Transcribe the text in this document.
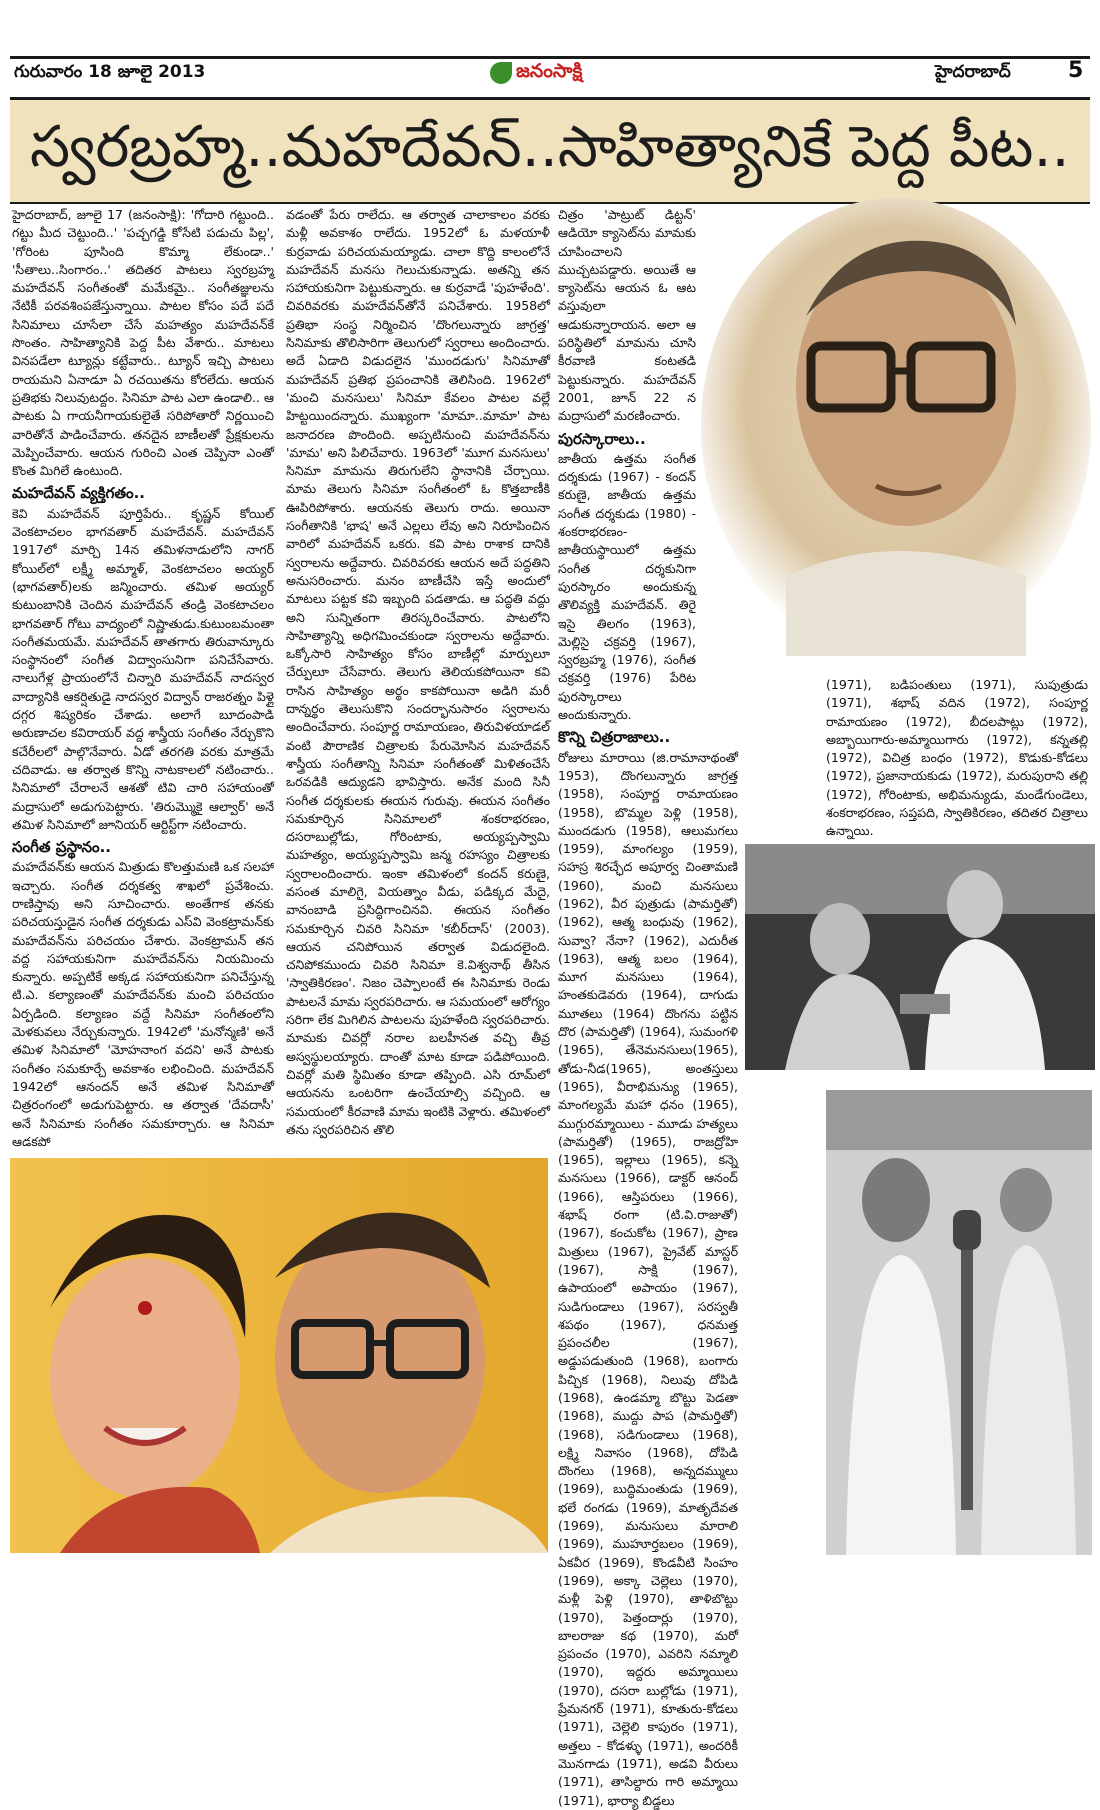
గురువారం 18 జూలై 2013	జనంసాక్షి	హైదరాబాద్	5
స్వరబ్రహ్మ..మహదేవన్..సాహిత్యానికే పెద్ద పీట..

హైదరాబాద్‌, జూలై 17 (జనంసాక్షి): 'గోదారి గట్టుంది.. గట్టు మీద చెట్టుంది..' 'పచ్చగడ్డి కోసేటి పడుచు పిల్ల', 'గోరింట పూసింది కొమ్మా లేకుండా..' 'సీతాలు..సింగారం..' తదితర పాటలు స్వరబ్రహ్మ మహదేవన్‌ సంగీతంతో మమేకమై.. సంగీతజ్ఞులను నేటికీ పరవశింపజేస్తున్నాయి. పాటల కోసం పదే పదే సినిమాలు చూసేలా చేసే మహత్యం మహదేవన్‌కే సొంతం. సాహిత్యానికి పెద్ద పీట వేశారు.. మాటలు వినపడేలా ట్యూన్లు కట్టేవారు.. ట్యూన్‌ ఇచ్చి పాటలు రాయమని ఏనాడూ ఏ రచయితను కోరలేదు. ఆయన ప్రతిభకు నిలువుటద్దం. సినిమా పాట ఎలా ఉండాలి.. ఆ పాటకు ఏ గాయనీగాయకులైతే సరిపోతారో నిర్ణయించి వారితోనే పాడించేవారు. తనదైన బాణీలతో ప్రేక్షకులను మెప్పించేవారు. ఆయన గురించి ఎంత చెప్పినా ఎంతో కొంత మిగిలే ఉంటుంది.

మహదేవన్‌ వ్యక్తిగతం..

కెవి మహదేవన్‌ పూర్తిపేరు.. కృష్ణన్‌ కోయిల్‌ వెంకటాచలం భాగవతార్‌ మహదేవన్‌. మహదేవన్‌ 1917లో మార్చి 14న తమిళనాడులోని నాగర్‌ కోయిల్‌లో లక్ష్మీ అమ్మాళ్‌, వెంకటాచలం అయ్యర్‌ (భాగవతార్‌)లకు జన్మించారు. తమిళ అయ్యర్‌ కుటుంబానికి చెందిన మహదేవన్‌ తండ్రి వెంకటాచలం భాగవతార్‌ గోటు వాద్యంలో నిష్ణాతుడు.కుటుంబమంతా సంగీతమయమే. మహదేవన్‌ తాతగారు తిరువాన్కూరు సంస్థానంలో సంగీత విద్వాంసునిగా పనిచేసేవారు. నాలుగేళ్ల ప్రాయంలోనే చిన్నారి మహదేవన్‌ నాదస్వర వాద్యానికి ఆకర్షితుడై నాదస్వర విద్వాన్‌ రాజరత్నం పిళ్లై దగ్గర శిష్యరికం చేశాడు. అలాగే బూదంపాడి అరుణాచల కవిరాయర్‌ వద్ద శాస్త్రీయ సంగీతం నేర్చుకొని కచేరీలలో పాల్గొనేవారు. ఏడో తరగతి వరకు మాత్రమే చదివాడు. ఆ తర్వాత కొన్ని నాటకాలలో నటించారు.. సినిమాలో చేరాలనే ఆశతో టివి చారి సహాయంతో మద్రాసులో అడుగుపెట్టారు. 'తిరుమ్మొకై ఆల్వార్‌' అనే తమిళ సినిమాలో జూనియర్‌ ఆర్టిస్ట్‌గా నటించారు.

సంగీత ప్రస్థానం..

మహదేవన్‌కు ఆయన మిత్రుడు కొలత్తుమణి ఒక సలహా ఇచ్చారు. సంగీత దర్శకత్వ శాఖలో ప్రవేశించు. రాణిస్తావు అని సూచించారు. అంతేగాక తనకు పరిచయస్తుడైన సంగీత దర్శకుడు ఎస్‌వి వెంకట్రామన్‌కు మహదేవన్‌ను పరిచయం చేశారు. వెంకట్రామన్‌ తన వద్ద సహాయకునిగా మహదేవన్‌ను నియమించు కున్నారు. అప్పటికే అక్కడ సహాయకునిగా పనిచేస్తున్న టి.ఎ. కల్యాణంతో మహదేవన్‌కు మంచి పరిచయం ఏర్పడింది. కల్యాణం వద్దే సినిమా సంగీతంలోని మెళకువలు నేర్చుకున్నారు. 1942లో 'మనోన్మణి' అనే తమిళ సినిమాలో 'మోహనాంగ వదని' అనే పాటకు సంగీతం సమకూర్చే అవకాశం లభించింది. మహదేవన్‌ 1942లో ఆనందన్‌ అనే తమిళ సినిమాతో చిత్రరంగంలో అడుగుపెట్టారు. ఆ తర్వాత 'దేవదాసీ' అనే సినిమాకు సంగీతం సమకూర్చారు. ఆ సినిమా ఆడకపో

వడంతో పేరు రాలేదు. ఆ తర్వాత చాలాకాలం వరకు మళ్లీ అవకాశం రాలేదు. 1952లో ఓ మళయాళీ కుర్రవాడు పరిచయమయ్యాడు. చాలా కొద్ది కాలంలోనే మహదేవన్‌ మనసు గెలుచుకున్నాడు. అతన్ని తన సహాయకునిగా పెట్టుకున్నారు. ఆ కుర్రవాడే 'పుహళేంది'. చివరివరకు మహదేవన్‌తోనే పనిచేశారు. 1958లో ప్రతిభా సంస్థ నిర్మించిన 'దొంగలున్నారు జాగ్రత్త' సినిమాకు తొలిసారిగా తెలుగులో స్వరాలు అందించారు. అదే ఏడాది విడుదలైన 'ముందడుగు' సినిమాతో మహదేవన్‌ ప్రతిభ ప్రపంచానికి తెలిసింది. 1962లో 'మంచి మనసులు' సినిమా కేవలం పాటల వల్లే హిట్టయిందన్నారు. ముఖ్యంగా 'మామా..మామా' పాట జనాదరణ పొందింది. అప్పటినుంచి మహదేవన్‌ను 'మామ' అని పిలిచేవారు. 1963లో 'మూగ మనసులు' సినిమా మామను తిరుగులేని స్థానానికి చేర్చాయి. మామ తెలుగు సినిమా సంగీతంలో ఓ కొత్తబాణీకి ఊపిరిపోశారు. ఆయనకు తెలుగు రాదు. అయినా సంగీతానికి 'భాష' అనే ఎల్లలు లేవు అని నిరూపించిన వారిలో మహదేవన్‌ ఒకరు. కవి పాట రాశాక దానికి స్వరాలను అద్దేవారు. చివరివరకు ఆయన అదే పద్ధతిని అనుసరించారు. మనం బాణీచేసి ఇస్తే అందులో మాటలు పట్టక కవి ఇబ్బంది పడతాడు. ఆ పద్ధతి వద్దు అని సున్నితంగా తిరస్కరించేవారు. పాటలోని సాహిత్యాన్ని అధిగమించకుండా స్వరాలను అద్దేవారు. ఒక్కోసారి సాహిత్యం కోసం బాణీల్లో మార్పులూ చేర్పులూ చేసేవారు. తెలుగు తెలియకపోయినా కవి రాసిన సాహిత్యం అర్థం కాకపోయినా అడిగి మరీ దాన్నర్థం తెలుసుకొని సందర్భానుసారం స్వరాలను అందించేవారు. సంపూర్ణ రామాయణం, తిరువిళయాడల్‌ వంటి పౌరాణిక చిత్రాలకు పేరుమోసిన మహదేవన్‌ శాస్త్రీయ సంగీతాన్ని సినిమా సంగీతంతో మిళితంచేసే ఒరవడికి ఆద్యుడని భావిస్తారు. అనేక మంది సినీ సంగీత దర్శకులకు ఈయన గురువు. ఈయన సంగీతం సమకూర్చిన సినిమాలలో శంకరాభరణం, దసరాబుల్లోడు, గోరింటాకు, అయ్యప్పస్వామి మహత్యం, అయ్యప్పస్వామి జన్మ రహస్యం చిత్రాలకు స్వరాలందించారు. ఇంకా తమిళంలో కందన్‌ కరుణై, వసంత మాలిగై, వియత్నాం వీడు, పడిక్కద మేదై, వానంబాడి ప్రసిద్ధిగాంచినవి. ఈయన సంగీతం సమకూర్చిన చివరి సినిమా 'కబీర్‌దాస్‌' (2003). ఆయన చనిపోయిన తర్వాత విడుదలైంది. చనిపోకముందు చివరి సినిమా కె.విశ్వనాథ్‌ తీసిన 'స్వాతికిరణం'. నిజం చెప్పాలంటే ఈ సినిమాకు రెండు పాటలనే మామ స్వరపరిచారు. ఆ సమయంలో ఆరోగ్యం సరిగా లేక మిగిలిన పాటలను పుహళేంది స్వరపరిచారు. మామకు చివర్లో నరాల బలహీనత వచ్చి తీవ్ర అస్వస్థులయ్యారు. దాంతో మాట కూడా పడిపోయింది. చివర్లో మతి స్థిమితం కూడా తప్పింది. ఎసి రూమ్‌లో ఆయనను ఒంటరిగా ఉంచేయాల్సి వచ్చింది. ఆ సమయంలో కీరవాణి మామ ఇంటికి వెళ్లారు. తమిళంలో తను స్వరపరిచిన తొలి

చిత్రం 'పాట్రుట్‌ డిట్టన్‌' ఆడియో క్యాసెట్‌ను మామకు చూపించాలని ముచ్చటపడ్డారు. అయితే ఆ క్యాసెట్‌ను ఆయన ఓ ఆట వస్తువులా ఆడుకున్నారాయన. అలా ఆ పరిస్థితిలో మామను చూసి కీరవాణి కంటతడి పెట్టుకున్నారు. మహదేవన్‌ 2001, జూన్‌ 22 న మద్రాసులో మరణించారు.

పురస్కారాలు..

జాతీయ ఉత్తమ సంగీత దర్శకుడు (1967) - కందన్‌ కరుణై, జాతీయ ఉత్తమ సంగీత దర్శకుడు (1980) - శంకరాభరణం- జాతీయస్థాయిలో ఉత్తమ సంగీత దర్శకునిగా పురస్కారం అందుకున్న తొలివ్యక్తి మహదేవన్‌. తిరై ఇసై తిలగం (1963), మెల్లిసై చక్రవర్తి (1967), స్వరబ్రహ్మ (1976), సంగీత చక్రవర్తి (1976) పేరిట పురస్కారాలు అందుకున్నారు.

కొన్ని చిత్రరాజాలు..

రోజులు మారాయి (జి.రామానాథంతో 1953), దొంగలున్నారు జాగ్రత్త (1958), సంపూర్ణ రామాయణం (1958), బొమ్మల పెళ్లి (1958), ముందడుగు (1958), ఆలుమగలు (1959), మాంగల్యం (1959), సహస్ర శిరచ్ఛేద అపూర్వ చింతామణి (1960), మంచి మనసులు (1962), వీర పుత్రుడు (పామర్తితో) (1962), ఆత్మ బంధువు (1962), సువ్వా? నేనా? (1962), ఎదురీత (1963), ఆత్మ బలం (1964), మూగ మనసులు (1964), హంతకుడెవరు (1964), దాగుడు మూతలు (1964) దొంగను పట్టిన దొర (పామర్తితో) (1964), సుమంగళి (1965), తేనెమనసులు(1965), తోడు-నీడ(1965), అంతస్తులు (1965), వీరాభిమన్యు (1965), మాంగల్యమే మహా ధనం (1965), ముగ్గురమ్మాయిలు - మూడు హత్యలు (పామర్తితో) (1965), రాజద్రోహి (1965), ఇల్లాలు (1965), కన్నె మనసులు (1966), డాక్టర్‌ ఆనంద్‌ (1966), ఆస్తిపరులు (1966), శభాష్‌ రంగా (టి.వి.రాజుతో) (1967), కంచుకోట (1967), ప్రాణ మిత్రులు (1967), ప్రైవేట్‌ మాస్టర్‌ (1967), సాక్షి (1967), ఉపాయంలో అపాయం (1967), సుడిగుండాలు (1967), సరస్వతీ శపథం (1967), ధనమత్త ప్రపంచలీల (1967), అడ్డుపడుతుంది (1968), బంగారు పిచ్చిక (1968), నిలువు దోపిడి (1968), ఉండమ్మా బొట్టు పెడతా (1968), ముద్దు పాప (పామర్తితో) (1968), సడిగుండాలు (1968), లక్ష్మి నివాసం (1968), దోపిడి దొంగలు (1968), అన్నదమ్ములు (1969), బుద్ధిమంతుడు (1969), భలే రంగడు (1969), మాతృదేవత (1969), మనుసులు మారాలి (1969), ముహూర్తబలం (1969), ఏకవీర (1969), కొండవీటి సింహం (1969), అక్కా చెల్లెలు (1970), మళ్లీ పెళ్లి (1970), తాళిబొట్టు (1970), పెత్తందార్లు (1970), బాలరాజు కథ (1970), మరో ప్రపంచం (1970), ఎవరిని నమ్మాలి (1970), ఇద్దరు అమ్మాయిలు (1970), దసరా బుల్లోడు (1971), ప్రేమనగర్‌ (1971), కూతురు-కోడలు (1971), చెల్లెలి కాపురం (1971), అత్తలు - కోడళ్ళు (1971), అందరికీ మొనగాడు (1971), అడవి వీరులు (1971), తాసిల్దారు గారి అమ్మాయి (1971), భార్యా బిడ్డలు

(1971), బడిపంతులు (1971), సుపుత్రుడు (1971), శభాష్‌ వదిన (1972), సంపూర్ణ రామాయణం (1972), బీదలపాట్లు (1972), అబ్బాయిగారు-అమ్మాయిగారు (1972), కన్నతల్లి (1972), విచిత్ర బంధం (1972), కొడుకు-కోడలు (1972), ప్రజానాయకుడు (1972), మరుపురాని తల్లి (1972), గోరింటాకు, అభిమన్యుడు, మండేగుండెలు, శంకరాభరణం, సప్తపది, స్వాతికిరణం, తదితర చిత్రాలు ఉన్నాయి.
